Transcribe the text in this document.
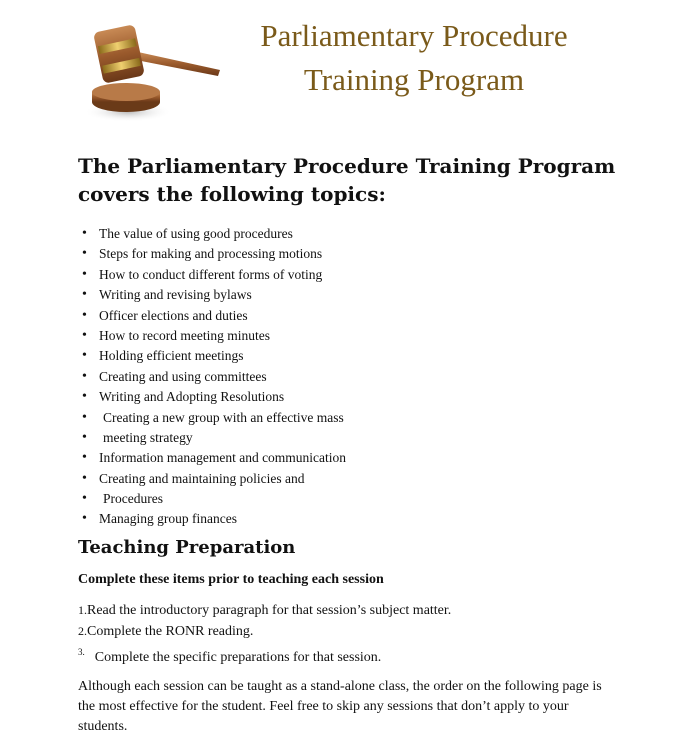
Parliamentary Procedure
Training Program
The Parliamentary Procedure Training Program covers the following topics:
• The value of using good procedures
• Steps for making and processing motions
• How to conduct different forms of voting
• Writing and revising bylaws
• Officer elections and duties
• How to record meeting minutes
• Holding efficient meetings
• Creating and using committees
• Writing and Adopting Resolutions
• Creating a new group with an effective mass
• meeting strategy
• Information management and communication
• Creating and maintaining policies and
• Procedures
• Managing group finances
Teaching Preparation

Complete these items prior to teaching each session

1.Read the introductory paragraph for that session’s subject matter.
2.Complete the RONR reading.
$^{3.}$ Complete the specific preparations for that session.

Although each session can be taught as a stand-alone class, the order on the following page is the most effective for the student. Feel free to skip any sessions that don’t apply to your students.
